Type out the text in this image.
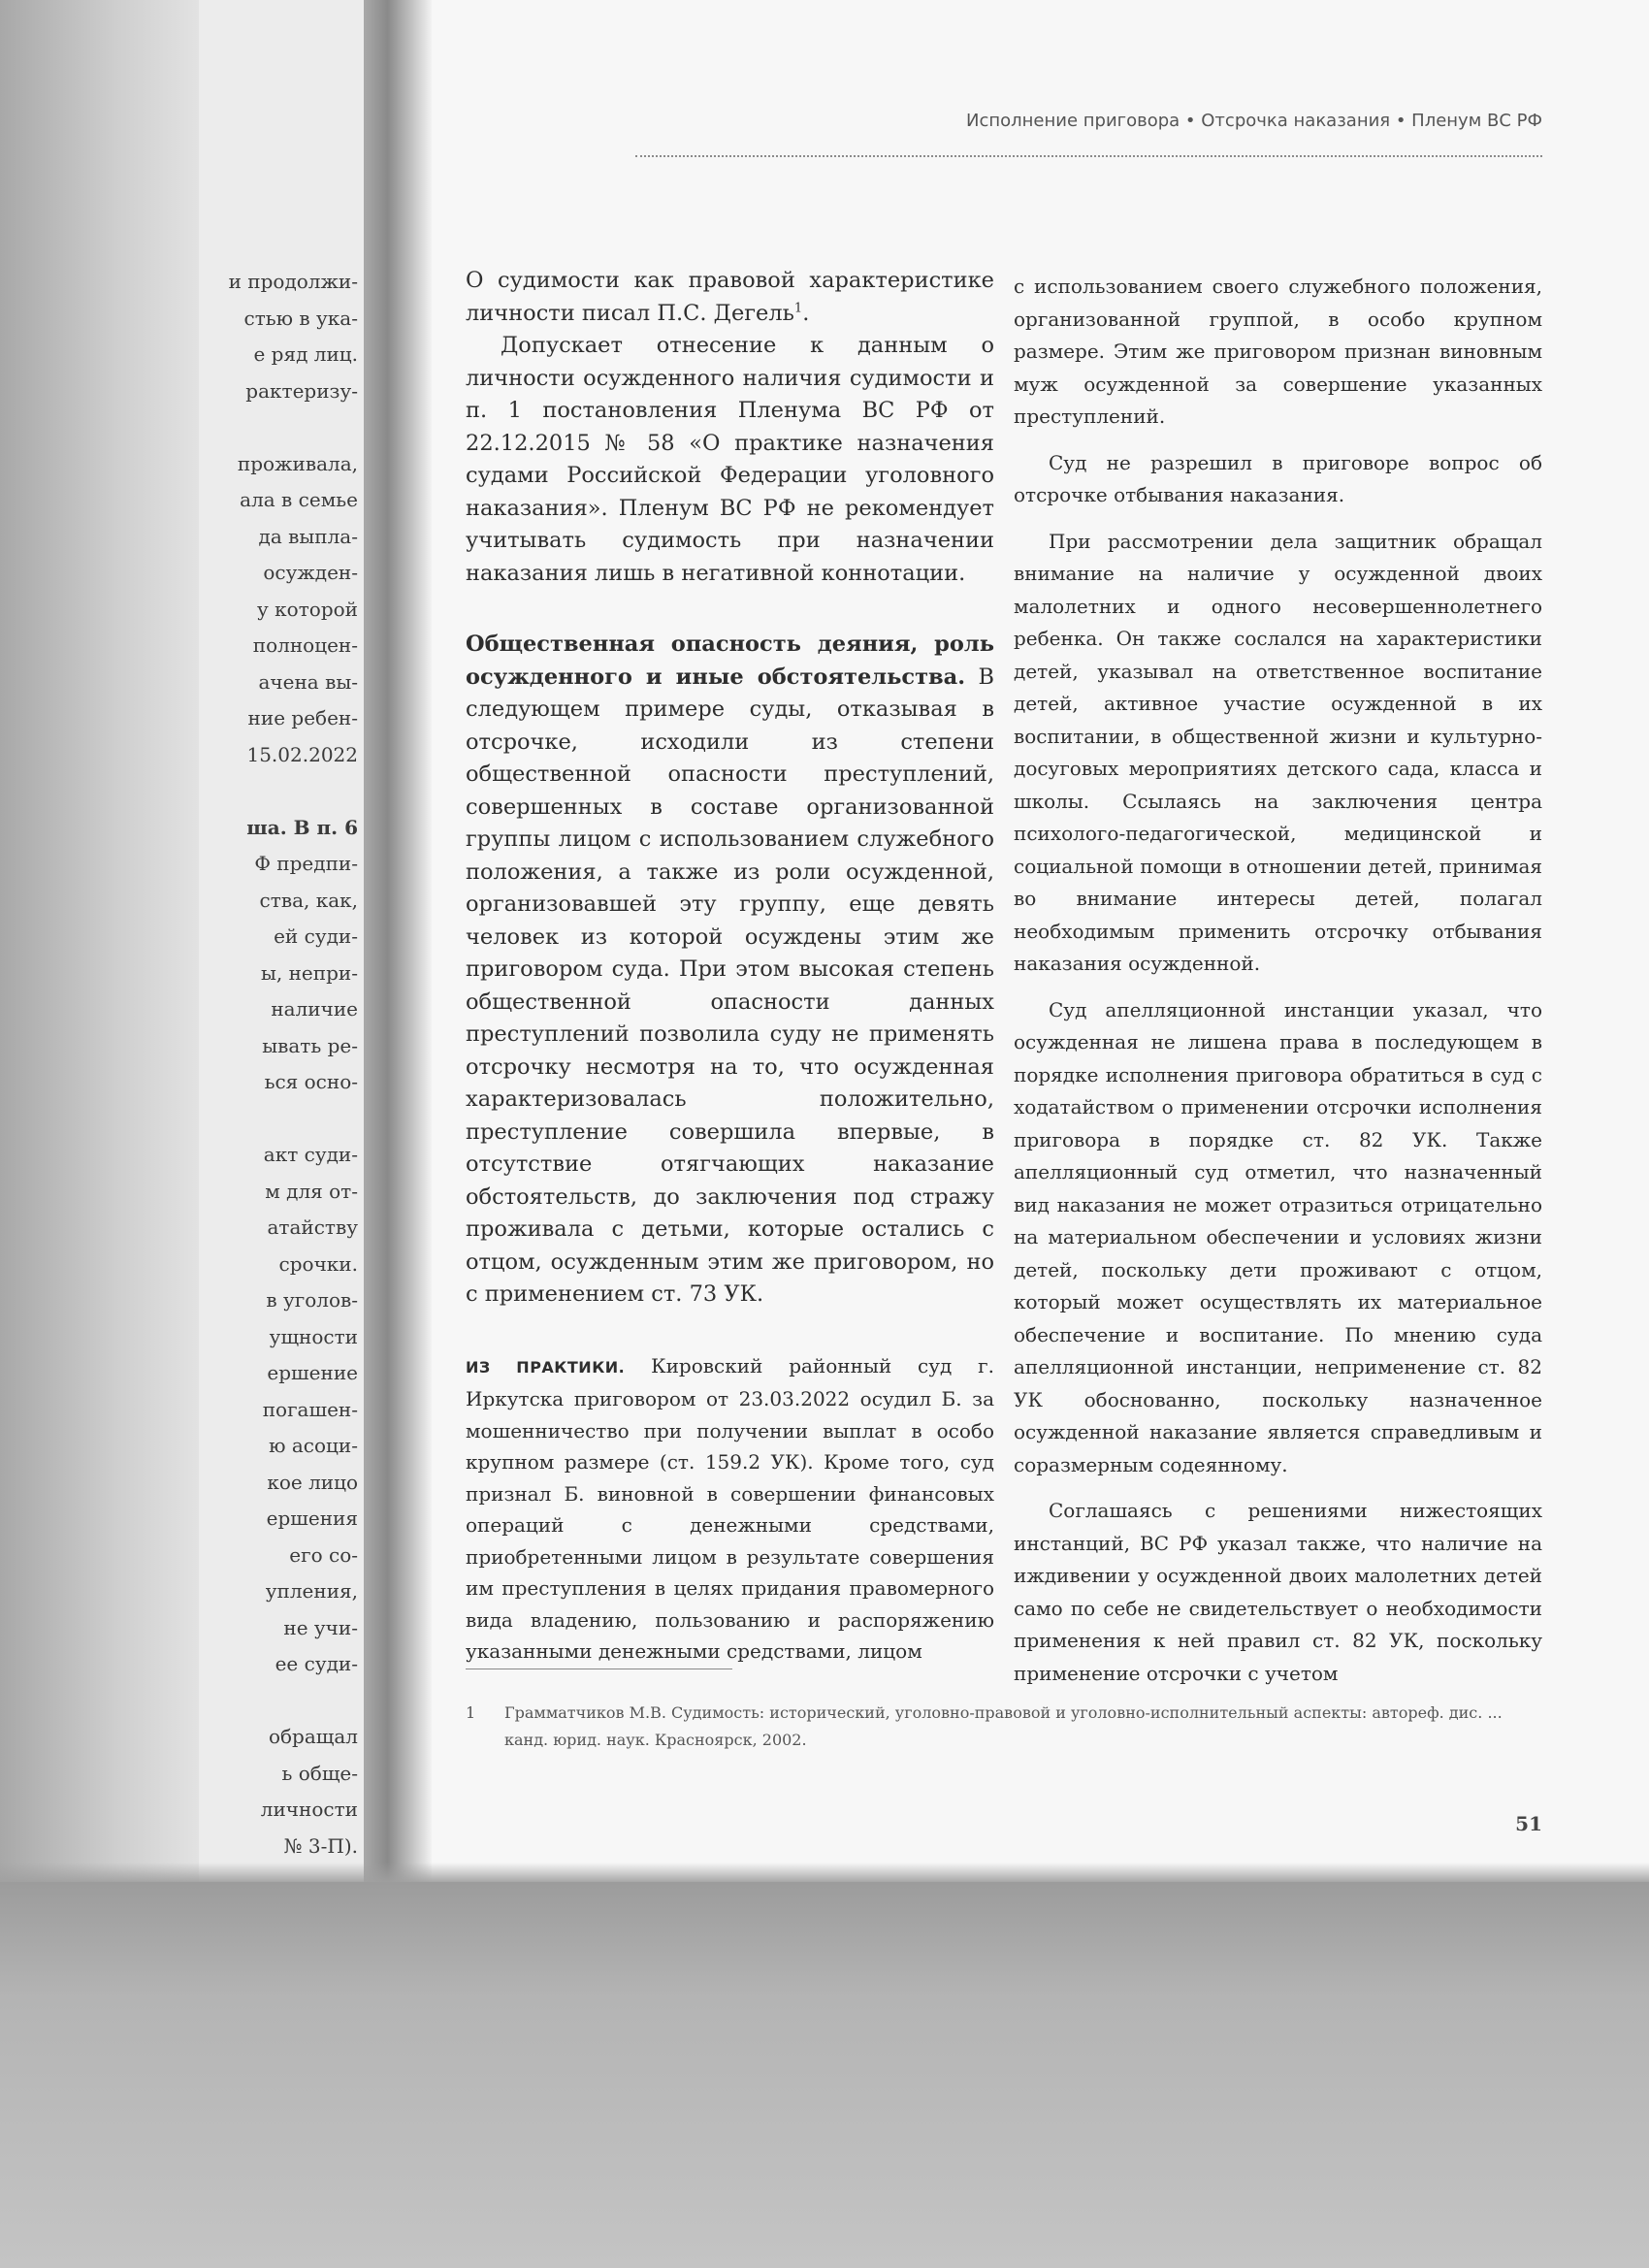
и продолжи-
стью в ука-
е ряд лиц.
рактеризу-
проживала,
ала в семье
да выпла-
осужден-
у которой
полноцен-
ачена вы-
ние ребен-
15.02.2022
ша. В п. 6
Ф предпи-
ства, как,
ей суди-
ы, непри-
наличие
ывать ре-
ься осно-
акт суди-
м для от-
атайству
срочки.
в уголов-
ущности
ершение
погашен-
ю асоци-
кое лицо
ершения
его со-
упления,
не учи-
ее суди-
обращал
ь обще-
личности
№ 3-П).
Исполнение приговора • Отсрочка наказания • Пленум ВС РФ

О судимости как правовой характеристике личности писал П.С. Дегель$^1$.

Допускает отнесение к данным о личности осужденного наличия судимости и п. 1 постановления Пленума ВС РФ от 22.12.2015 № 58 «О практике назначения судами Российской Федерации уголовного наказания». Пленум ВС РФ не рекомендует учитывать судимость при назначении наказания лишь в негативной коннотации.

Общественная опасность деяния, роль осужденного и иные обстоятельства. В следующем примере суды, отказывая в отсрочке, исходили из степени общественной опасности преступлений, совершенных в составе организованной группы лицом с использованием служебного положения, а также из роли осужденной, организовавшей эту группу, еще девять человек из которой осуждены этим же приговором суда. При этом высокая степень общественной опасности данных преступлений позволила суду не применять отсрочку несмотря на то, что осужденная характеризовалась положительно, преступление совершила впервые, в отсутствие отягчающих наказание обстоятельств, до заключения под стражу проживала с детьми, которые остались с отцом, осужденным этим же приговором, но с применением ст. 73 УК.

ИЗ ПРАКТИКИ. Кировский районный суд г. Иркутска приговором от 23.03.2022 осудил Б. за мошенничество при получении выплат в особо крупном размере (ст. 159.2 УК). Кроме того, суд признал Б. виновной в совершении финансовых операций с денежными средствами, приобретенными лицом в результате совершения им преступления в целях придания правомерного вида владению, пользованию и распоряжению указанными денежными средствами, лицом

с использованием своего служебного положения, организованной группой, в особо крупном размере. Этим же приговором признан виновным муж осужденной за совершение указанных преступлений.

Суд не разрешил в приговоре вопрос об отсрочке отбывания наказания.

При рассмотрении дела защитник обращал внимание на наличие у осужденной двоих малолетних и одного несовершеннолетнего ребенка. Он также сослался на характеристики детей, указывал на ответственное воспитание детей, активное участие осужденной в их воспитании, в общественной жизни и культурно-досуговых мероприятиях детского сада, класса и школы. Ссылаясь на заключения центра психолого-педагогической, медицинской и социальной помощи в отношении детей, принимая во внимание интересы детей, полагал необходимым применить отсрочку отбывания наказания осужденной.

Суд апелляционной инстанции указал, что осужденная не лишена права в последующем в порядке исполнения приговора обратиться в суд с ходатайством о применении отсрочки исполнения приговора в порядке ст. 82 УК. Также апелляционный суд отметил, что назначенный вид наказания не может отразиться отрицательно на материальном обеспечении и условиях жизни детей, поскольку дети проживают с отцом, который может осуществлять их материальное обеспечение и воспитание. По мнению суда апелляционной инстанции, неприменение ст. 82 УК обоснованно, поскольку назначенное осужденной наказание является справедливым и соразмерным содеянному.

Соглашаясь с решениями нижестоящих инстанций, ВС РФ указал также, что наличие на иждивении у осужденной двоих малолетних детей само по себе не свидетельствует о необходимости применения к ней правил ст. 82 УК, поскольку применение отсрочки с учетом

1 Грамматчиков М.В. Судимость: исторический, уголовно-правовой и уголовно-исполнительный аспекты: автореф. дис. ... канд. юрид. наук. Красноярск, 2002.
51
